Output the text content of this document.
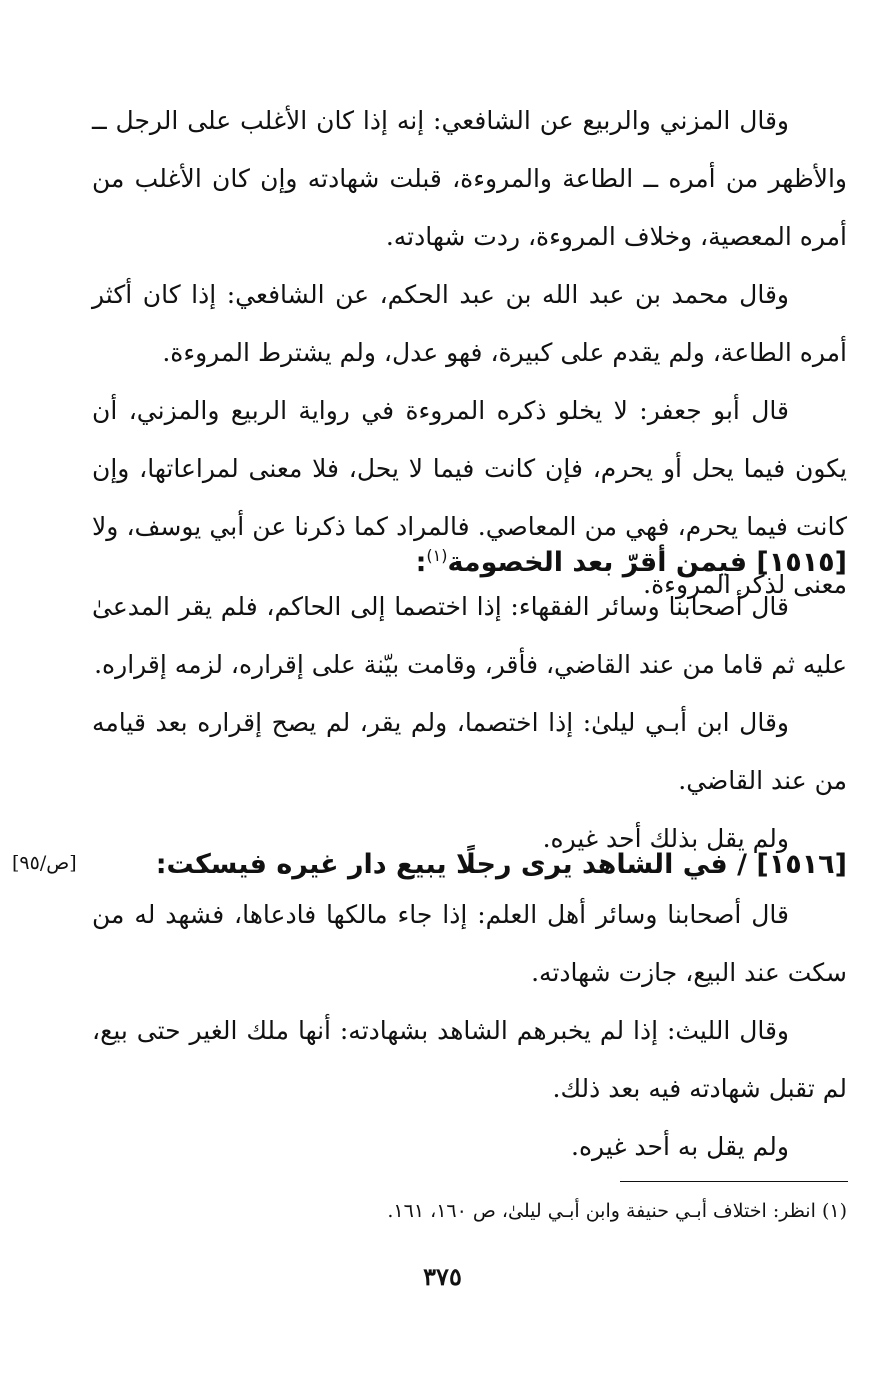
وقال المزني والربيع عن الشافعي: إنه إذا كان الأغلب على الرجل ــ والأظهر من أمره ــ الطاعة والمروءة، قبلت شهادته وإن كان الأغلب من أمره المعصية، وخلاف المروءة، ردت شهادته.

وقال محمد بن عبد الله بن عبد الحكم، عن الشافعي: إذا كان أكثر أمره الطاعة، ولم يقدم على كبيرة، فهو عدل، ولم يشترط المروءة.

قال أبو جعفر: لا يخلو ذكره المروءة في رواية الربيع والمزني، أن يكون فيما يحل أو يحرم، فإن كانت فيما لا يحل، فلا معنى لمراعاتها، وإن كانت فيما يحرم، فهي من المعاصي. فالمراد كما ذكرنا عن أبي يوسف، ولا معنى لذكر المروءة.

[١٥١٥] فيمن أقرّ بعد الخصومة$^{(١)}$:

قال أصحابنا وسائر الفقهاء: إذا اختصما إلى الحاكم، فلم يقر المدعىٰ عليه ثم قاما من عند القاضي، فأقر، وقامت بيّنة على إقراره، لزمه إقراره.

وقال ابن أبـي ليلىٰ: إذا اختصما، ولم يقر، لم يصح إقراره بعد قيامه من عند القاضي.

ولم يقل بذلك أحد غيره.

[ص/٩٥]	[١٥١٦] / في الشاهد يرى رجلًا يبيع دار غيره فيسكت:

قال أصحابنا وسائر أهل العلم: إذا جاء مالكها فادعاها، فشهد له من سكت عند البيع، جازت شهادته.

وقال الليث: إذا لم يخبرهم الشاهد بشهادته: أنها ملك الغير حتى بيع، لم تقبل شهادته فيه بعد ذلك.

ولم يقل به أحد غيره.

(١) انظر: اختلاف أبـي حنيفة وابن أبـي ليلىٰ، ص ١٦٠، ١٦١.
٣٧٥
